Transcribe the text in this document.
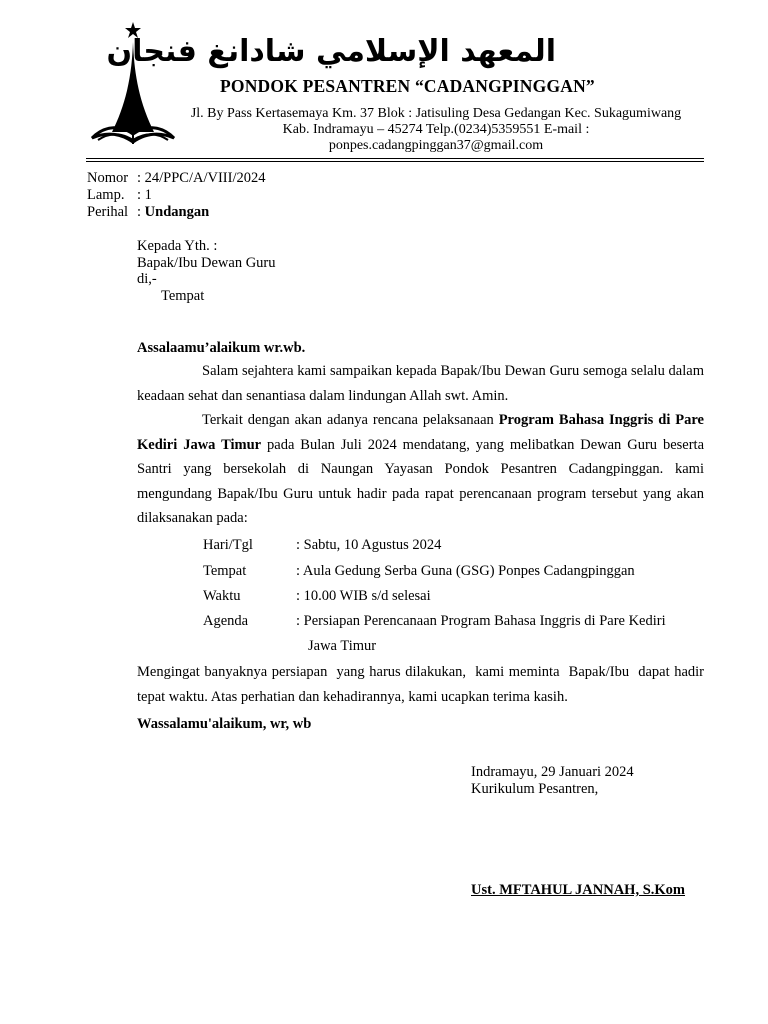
المعهد الإسلامي شادانغ فنجان
PONDOK PESANTREN “CADANGPINGGAN”
Jl. By Pass Kertasemaya Km. 37 Blok : Jatisuling Desa Gedangan Kec. Sukagumiwang
Kab. Indramayu – 45274 Telp.(0234)5359551 E-mail :
ponpes.cadangpinggan37@gmail.com
Nomor : 24/PPC/A/VIII/2024
Lamp. : 1
Perihal : Undangan
Kepada Yth. :
Bapak/Ibu Dewan Guru
di,-
Tempat
Assalaamu’alaikum wr.wb.
Salam sejahtera kami sampaikan kepada Bapak/Ibu Dewan Guru semoga selalu dalam keadaan sehat dan senantiasa dalam lindungan Allah swt. Amin.
Terkait dengan akan adanya rencana pelaksanaan Program Bahasa Inggris di Pare Kediri Jawa Timur pada Bulan Juli 2024 mendatang, yang melibatkan Dewan Guru beserta Santri yang bersekolah di Naungan Yayasan Pondok Pesantren Cadangpinggan. kami mengundang Bapak/Ibu Guru untuk hadir pada rapat perencanaan program tersebut yang akan dilaksanakan pada:
Hari/Tgl	: Sabtu, 10 Agustus 2024
Tempat	: Aula Gedung Serba Guna (GSG) Ponpes Cadangpinggan
Waktu	: 10.00 WIB s/d selesai
Agenda	: Persiapan Perencanaan Program Bahasa Inggris di Pare Kediri
Jawa Timur
Mengingat banyaknya persiapan  yang harus dilakukan,  kami meminta  Bapak/Ibu  dapat hadir tepat waktu. Atas perhatian dan kehadirannya, kami ucapkan terima kasih.
Wassalamu'alaikum, wr, wb
Indramayu, 29 Januari 2024
Kurikulum Pesantren,
Ust. MFTAHUL JANNAH, S.Kom
